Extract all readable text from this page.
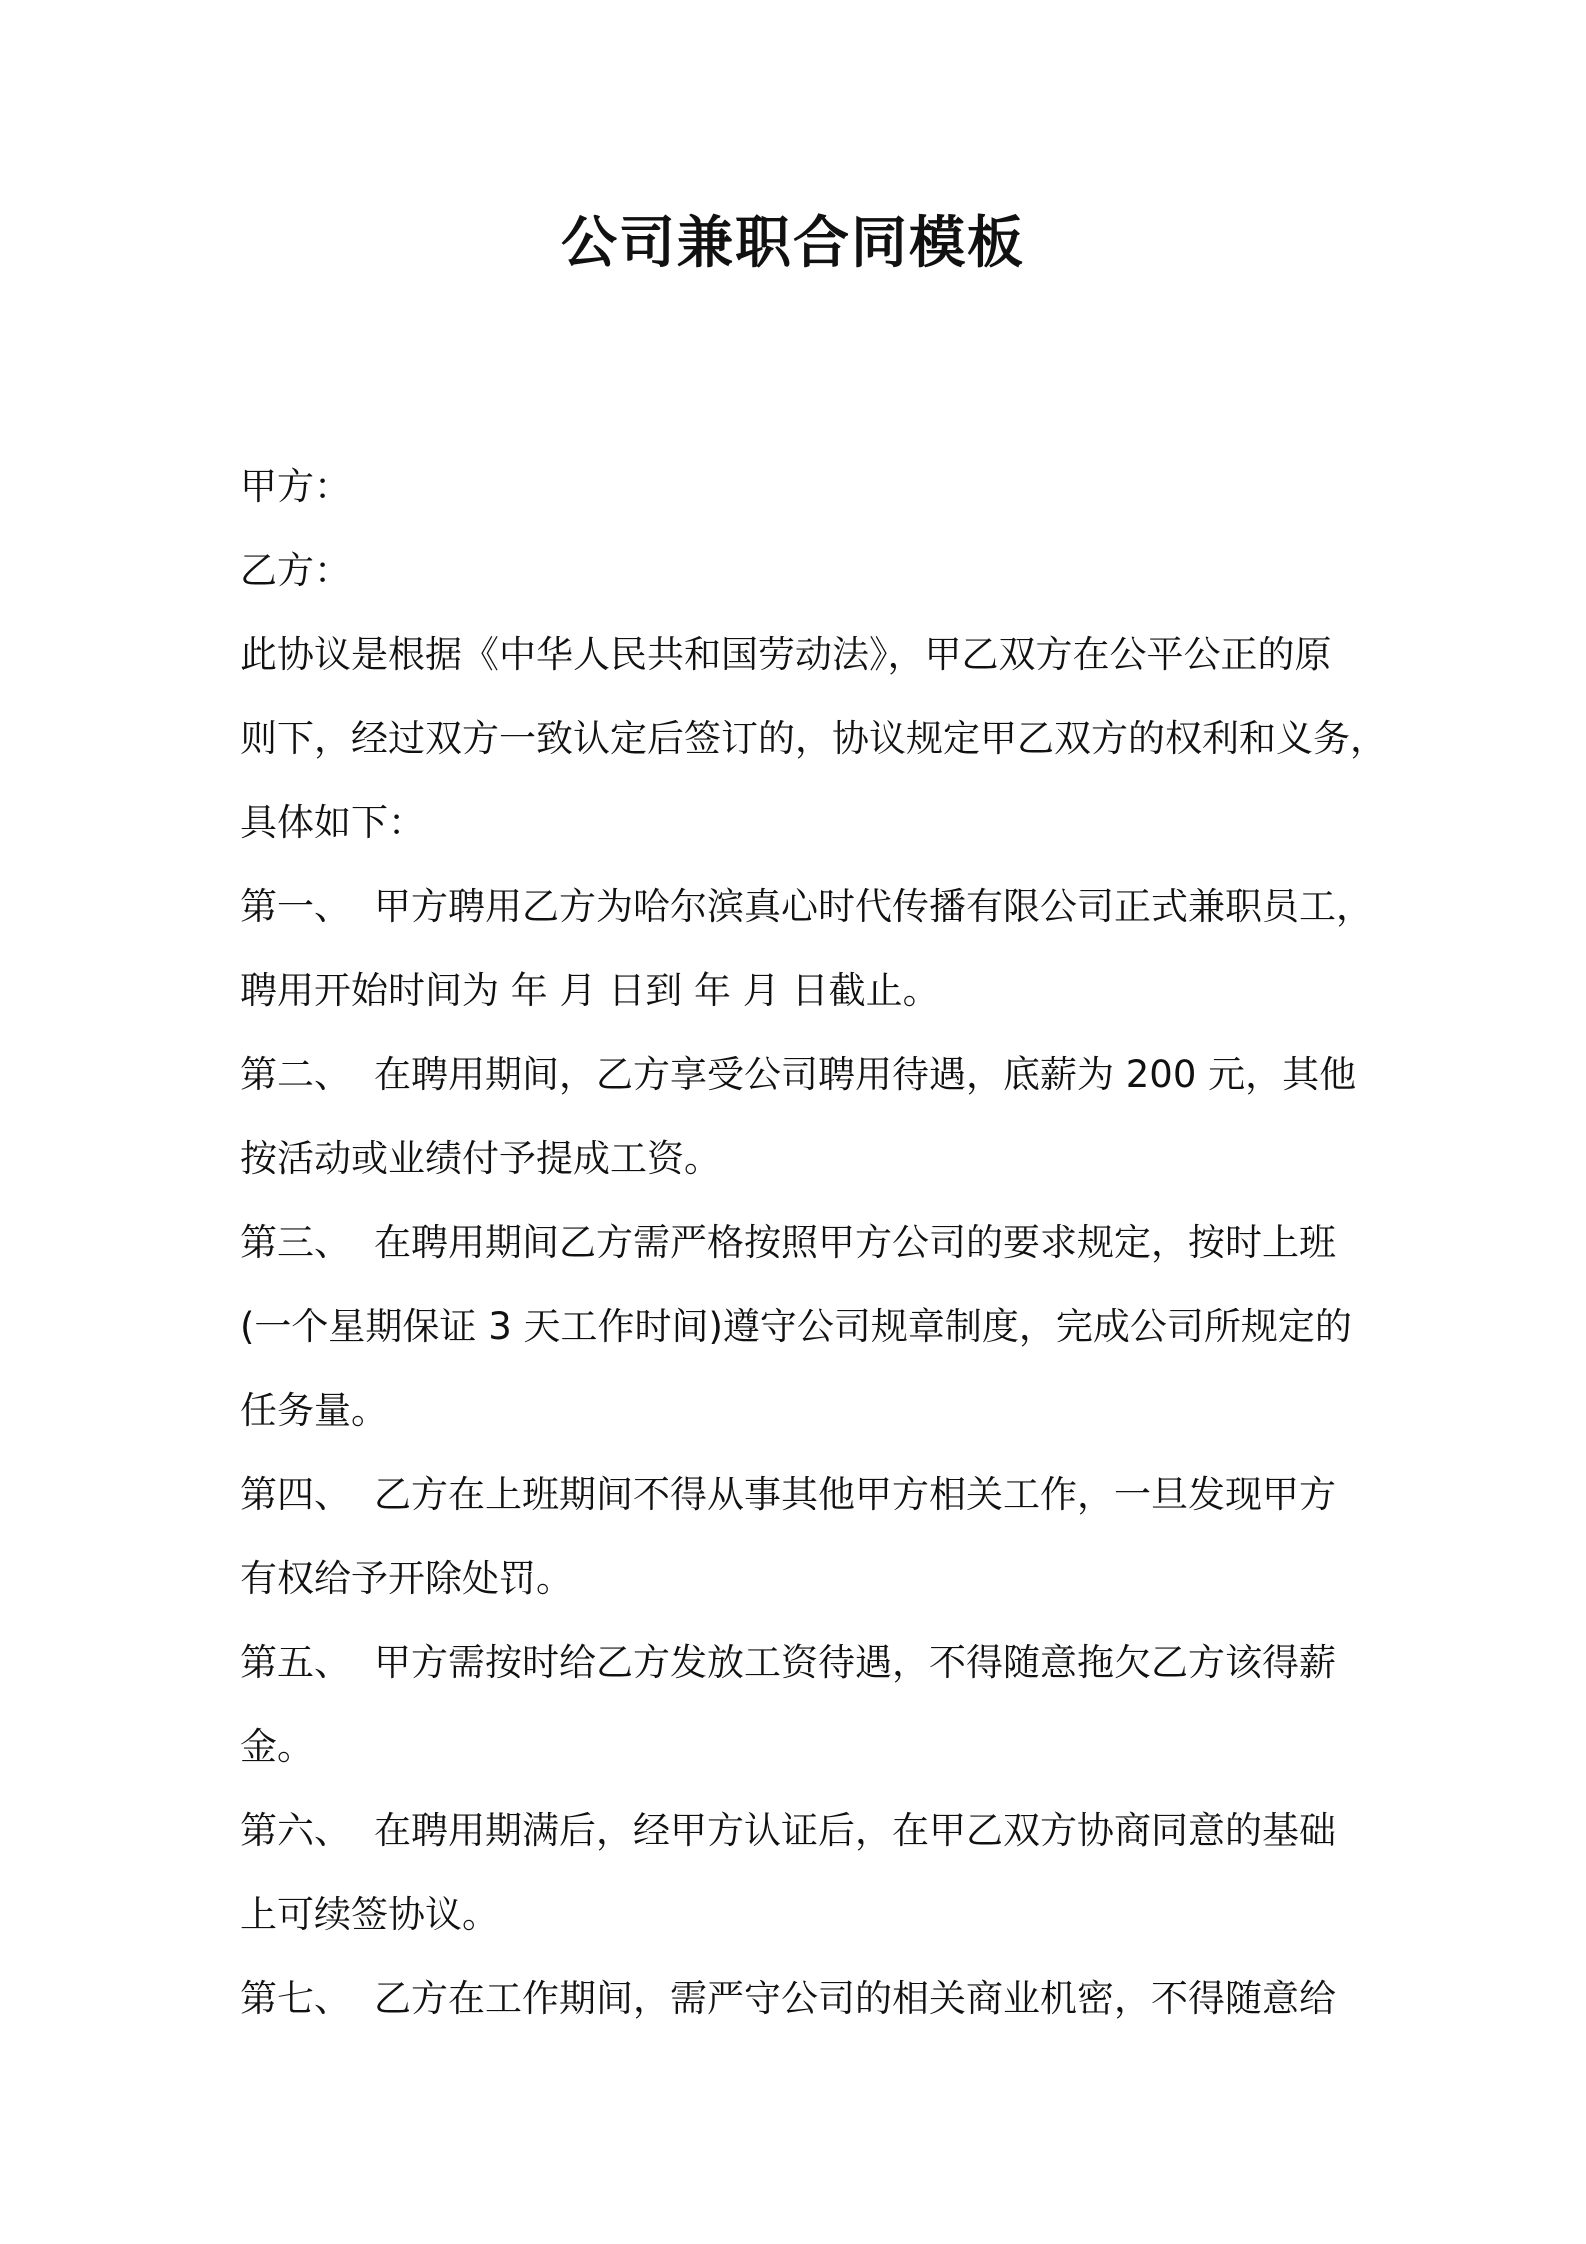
公司兼职合同模板
甲方：
乙方：
此协议是根据《中华人民共和国劳动法》，甲乙双方在公平公正的原
则下，经过双方一致认定后签订的，协议规定甲乙双方的权利和义务，
具体如下：
第一、 甲方聘用乙方为哈尔滨真心时代传播有限公司正式兼职员工，
聘用开始时间为 年 月 日到 年 月 日截止。
第二、 在聘用期间，乙方享受公司聘用待遇，底薪为 200 元，其他
按活动或业绩付予提成工资。
第三、 在聘用期间乙方需严格按照甲方公司的要求规定，按时上班
(一个星期保证 3 天工作时间)遵守公司规章制度，完成公司所规定的
任务量。
第四、 乙方在上班期间不得从事其他甲方相关工作，一旦发现甲方
有权给予开除处罚。
第五、 甲方需按时给乙方发放工资待遇，不得随意拖欠乙方该得薪
金。
第六、 在聘用期满后，经甲方认证后，在甲乙双方协商同意的基础
上可续签协议。
第七、 乙方在工作期间，需严守公司的相关商业机密，不得随意给
